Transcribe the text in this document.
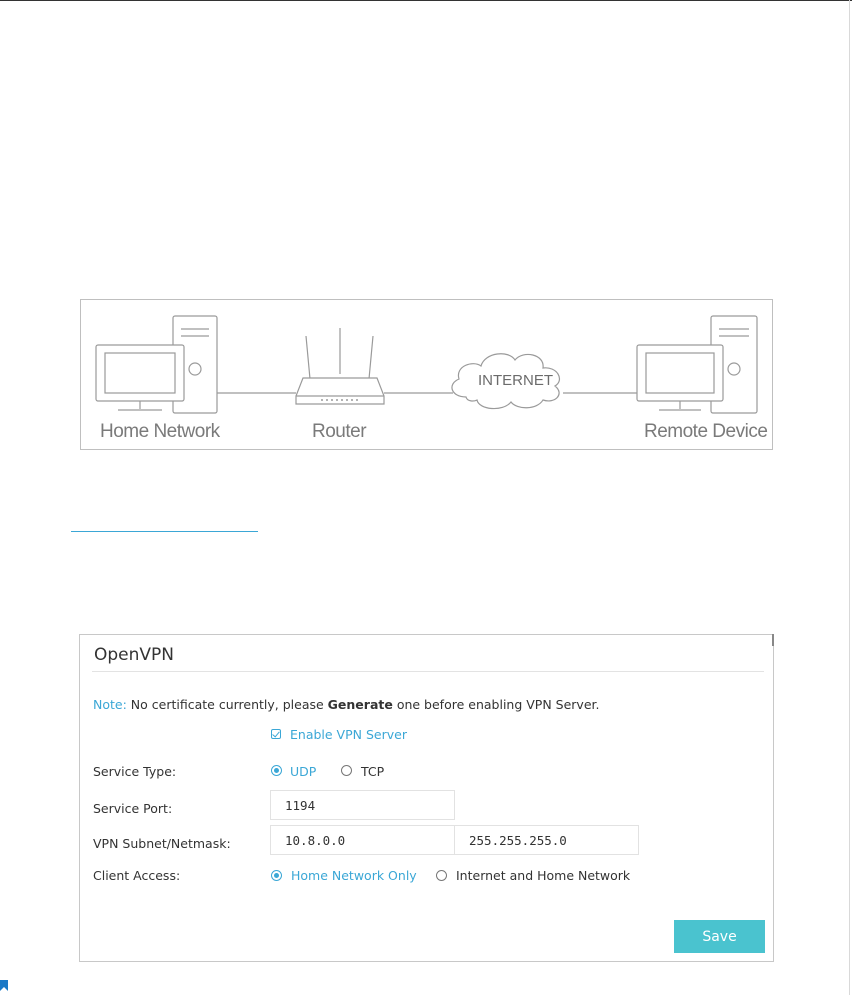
Home Network	Router
INTERNET
Remote Device
OpenVPN
Note: No certificate currently, please Generate one before enabling VPN Server.
Enable VPN Server
Service Type:	UDP	TCP
Service Port:
1194
VPN Subnet/Netmask:
10.8.0.0
255.255.255.0
Client Access:	Home Network Only	Internet and Home Network
Save
